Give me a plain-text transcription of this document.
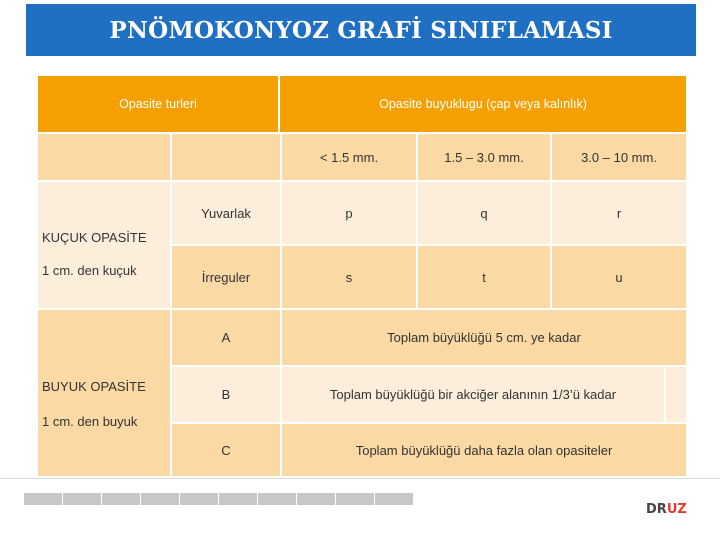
PNÖMOKONYOZ GRAFİ SINIFLAMASI
Opasite turleri	Opasite buyuklugu (çap veya kalınlık)
< 1.5 mm.	1.5 – 3.0 mm.	3.0 – 10 mm.
KUÇUK OPASİTE
1 cm. den kuçuk
Yuvarlak	p	q	r
İrreguler	s	t	u
BUYUK OPASİTE
1 cm. den buyuk
A	Toplam büyüklüğü 5 cm. ye kadar
B	Toplam büyüklüğü bir akciğer alanının 1/3’ü kadar
C	Toplam büyüklüğü daha fazla olan opasiteler
DRUZ
